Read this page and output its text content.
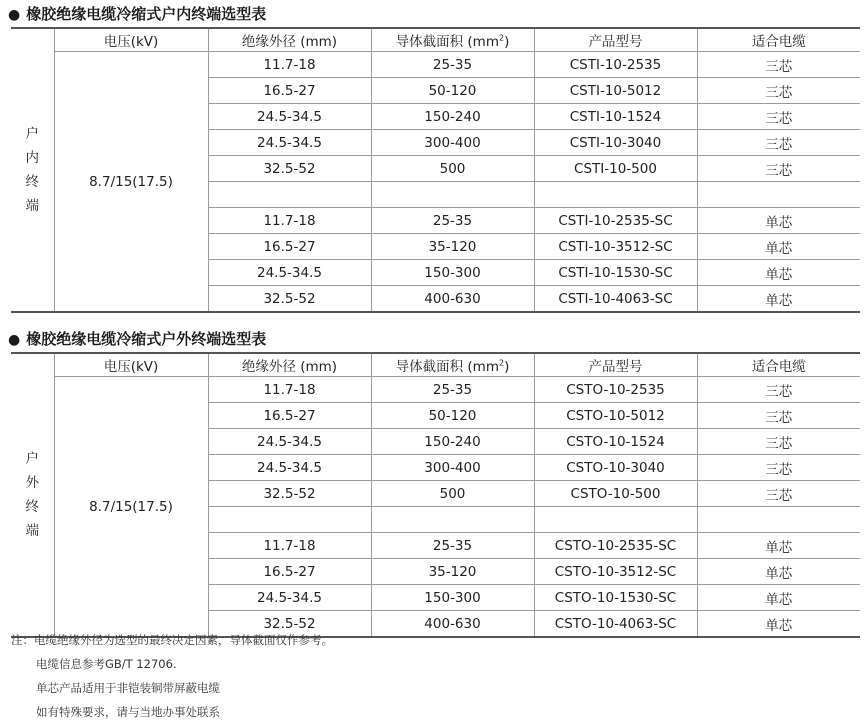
● 橡胶绝缘电缆冷缩式户内终端选型表
户
内
终
端	电压(kV)	绝缘外径 (mm)	导体截面积 $(mm^2)$	产品型号	适合电缆
	8.7/15(17.5)	11.7-18	25-35	CSTI-10-2535	三芯
		16.5-27	50-120	CSTI-10-5012	三芯
		24.5-34.5	150-240	CSTI-10-1524	三芯
		24.5-34.5	300-400	CSTI-10-3040	三芯
		32.5-52	500	CSTI-10-500	三芯

		11.7-18	25-35	CSTI-10-2535-SC	单芯
		16.5-27	35-120	CSTI-10-3512-SC	单芯
		24.5-34.5	150-300	CSTI-10-1530-SC	单芯
		32.5-52	400-630	CSTI-10-4063-SC	单芯
● 橡胶绝缘电缆冷缩式户外终端选型表
户
外
终
端	电压(kV)	绝缘外径 (mm)	导体截面积 $(mm^2)$	产品型号	适合电缆
	8.7/15(17.5)	11.7-18	25-35	CSTO-10-2535	三芯
		16.5-27	50-120	CSTO-10-5012	三芯
		24.5-34.5	150-240	CSTO-10-1524	三芯
		24.5-34.5	300-400	CSTO-10-3040	三芯
		32.5-52	500	CSTO-10-500	三芯

		11.7-18	25-35	CSTO-10-2535-SC	单芯
		16.5-27	35-120	CSTO-10-3512-SC	单芯
		24.5-34.5	150-300	CSTO-10-1530-SC	单芯
		32.5-52	400-630	CSTO-10-4063-SC	单芯
注：电缆绝缘外径为选型的最终决定因素，导体截面仅作参考。
电缆信息参考GB/T 12706.
单芯产品适用于非铠装铜带屏蔽电缆
如有特殊要求，请与当地办事处联系
